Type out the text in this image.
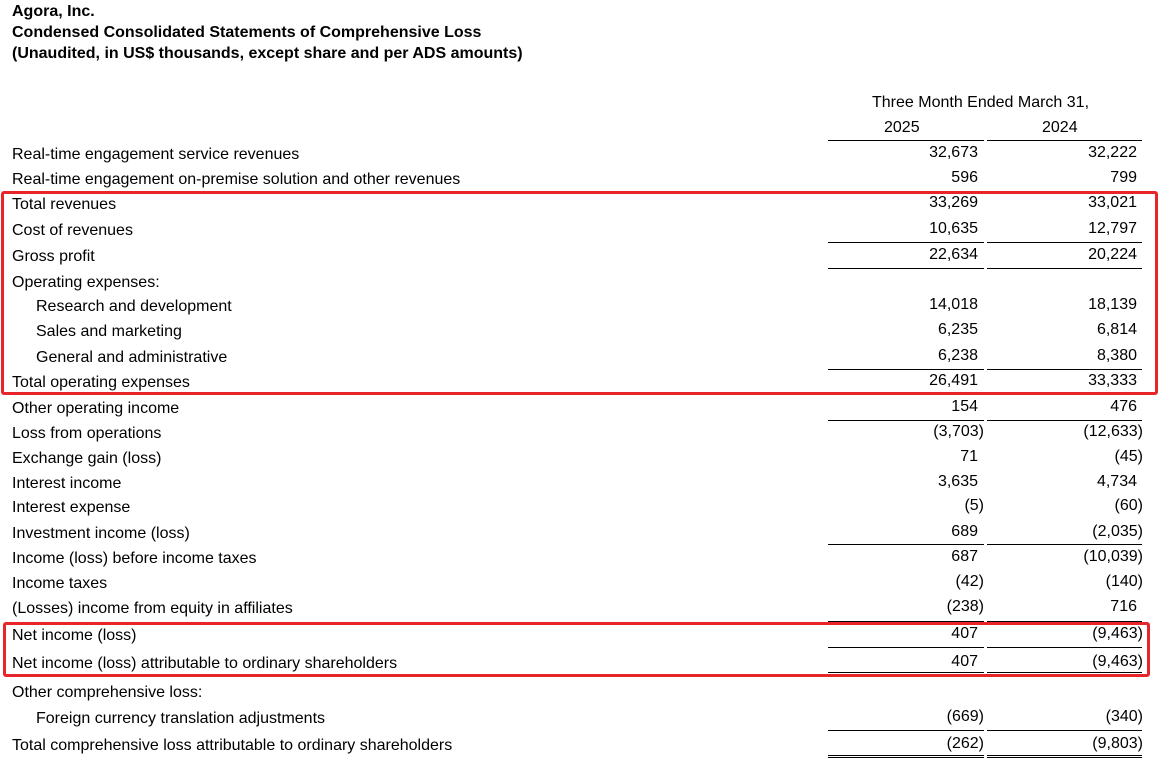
Agora, Inc.
Condensed Consolidated Statements of Comprehensive Loss
(Unaudited, in US$ thousands, except share and per ADS amounts)
Three Month Ended March 31,
2025	2024
Real-time engagement service revenues	32,673	32,222
Real-time engagement on-premise solution and other revenues	596	799
Total revenues	33,269	33,021
Cost of revenues	10,635	12,797
Gross profit	22,634	20,224
Operating expenses:
Research and development	14,018	18,139
Sales and marketing	6,235	6,814
General and administrative	6,238	8,380
Total operating expenses	26,491	33,333
Other operating income	154	476
Loss from operations	(3,703)	(12,633)
Exchange gain (loss)	71	(45)
Interest income	3,635	4,734
Interest expense	(5)	(60)
Investment income (loss)	689	(2,035)
Income (loss) before income taxes	687	(10,039)
Income taxes	(42)	(140)
(Losses) income from equity in affiliates	(238)	716
Net income (loss)	407	(9,463)
Net income (loss) attributable to ordinary shareholders	407	(9,463)
Other comprehensive loss:
Foreign currency translation adjustments	(669)	(340)
Total comprehensive loss attributable to ordinary shareholders	(262)	(9,803)
